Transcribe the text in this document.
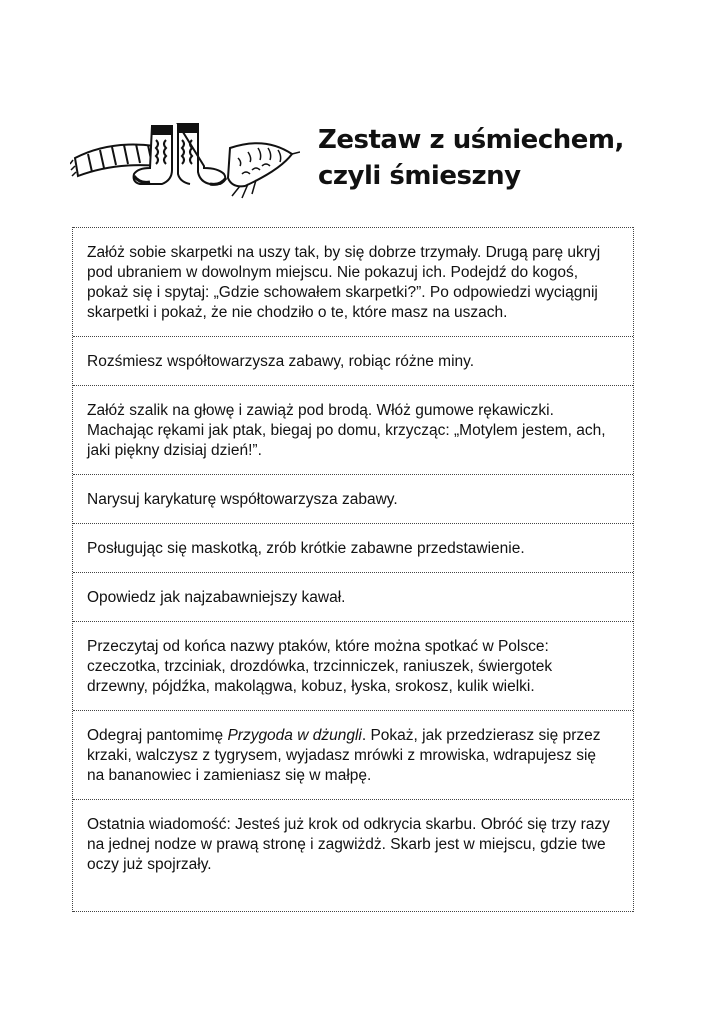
Zestaw z uśmiechem,
czyli śmieszny
Załóż sobie skarpetki na uszy tak, by się dobrze trzymały. Drugą parę ukryj pod ubraniem w dowolnym miejscu. Nie pokazuj ich. Podejdź do kogoś, pokaż się i spytaj: „Gdzie schowałem skarpetki?”. Po odpowiedzi wyciągnij skarpetki i pokaż, że nie chodziło o te, które masz na uszach.
Rozśmiesz współtowarzysza zabawy, robiąc różne miny.
Załóż szalik na głowę i zawiąż pod brodą. Włóż gumowe rękawiczki. Machając rękami jak ptak, biegaj po domu, krzycząc: „Motylem jestem, ach, jaki piękny dzisiaj dzień!”.
Narysuj karykaturę współtowarzysza zabawy.
Posługując się maskotką, zrób krótkie zabawne przedstawienie.
Opowiedz jak najzabawniejszy kawał.
Przeczytaj od końca nazwy ptaków, które można spotkać w Polsce: czeczotka, trzciniak, drozdówka, trzcinniczek, raniuszek, świergotek drzewny, pójdźka, makolągwa, kobuz, łyska, srokosz, kulik wielki.
Odegraj pantomimę Przygoda w dżungli. Pokaż, jak przedzierasz się przez krzaki, walczysz z tygrysem, wyjadasz mrówki z mrowiska, wdrapujesz się na bananowiec i zamieniasz się w małpę.
Ostatnia wiadomość: Jesteś już krok od odkrycia skarbu. Obróć się trzy razy na jednej nodze w prawą stronę i zagwiżdż. Skarb jest w miejscu, gdzie twe oczy już spojrzały.
